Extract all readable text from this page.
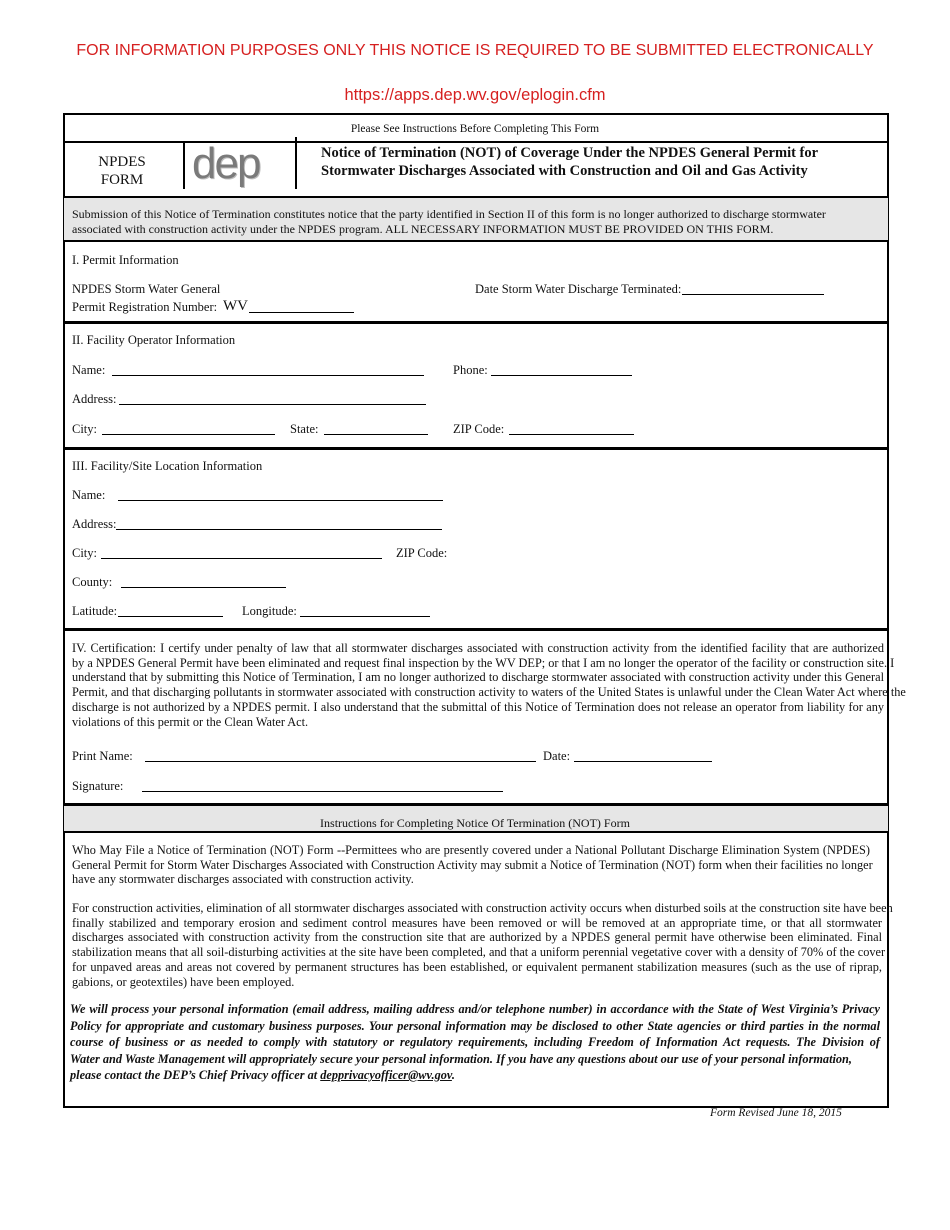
FOR INFORMATION PURPOSES ONLY THIS NOTICE IS REQUIRED TO BE SUBMITTED ELECTRONICALLY
https://apps.dep.wv.gov/eplogin.cfm
Please See Instructions Before Completing This Form
NPDES
FORM	dep	Notice of Termination (NOT) of Coverage Under the NPDES General Permit for
Stormwater Discharges Associated with Construction and Oil and Gas Activity
Submission of this Notice of Termination constitutes notice that the party identified in Section II of this form is no longer authorized to discharge stormwater
associated with construction activity under the NPDES program. ALL NECESSARY INFORMATION MUST BE PROVIDED ON THIS FORM.
I. Permit Information
NPDES Storm Water General
Permit Registration Number: WV
Date Storm Water Discharge Terminated:
II. Facility Operator Information
Name:	Phone:
Address:
City:	State:	ZIP Code:
III. Facility/Site Location Information
Name:
Address:
City:	ZIP Code:
County:
Latitude:	Longitude:
IV. Certification: I certify under penalty of law that all stormwater discharges associated with construction activity from the identified facility that are authorized
by a NPDES General Permit have been eliminated and request final inspection by the WV DEP; or that I am no longer the operator of the facility or construction site. I
understand that by submitting this Notice of Termination, I am no longer authorized to discharge stormwater associated with construction activity under this General
Permit, and that discharging pollutants in stormwater associated with construction activity to waters of the United States is unlawful under the Clean Water Act where the
discharge is not authorized by a NPDES permit. I also understand that the submittal of this Notice of Termination does not release an operator from liability for any
violations of this permit or the Clean Water Act.
Print Name:	Date:
Signature:
Instructions for Completing Notice Of Termination (NOT) Form
Who May File a Notice of Termination (NOT) Form --Permittees who are presently covered under a National Pollutant Discharge Elimination System (NPDES)
General Permit for Storm Water Discharges Associated with Construction Activity may submit a Notice of Termination (NOT) form when their facilities no longer
have any stormwater discharges associated with construction activity.
For construction activities, elimination of all stormwater discharges associated with construction activity occurs when disturbed soils at the construction site have been
finally stabilized and temporary erosion and sediment control measures have been removed or will be removed at an appropriate time, or that all stormwater
discharges associated with construction activity from the construction site that are authorized by a NPDES general permit have otherwise been eliminated. Final
stabilization means that all soil-disturbing activities at the site have been completed, and that a uniform perennial vegetative cover with a density of 70% of the cover
for unpaved areas and areas not covered by permanent structures has been established, or equivalent permanent stabilization measures (such as the use of riprap,
gabions, or geotextiles) have been employed.
We will process your personal information (email address, mailing address and/or telephone number) in accordance with the State of West Virginia’s Privacy
Policy for appropriate and customary business purposes. Your personal information may be disclosed to other State agencies or third parties in the normal
course of business or as needed to comply with statutory or regulatory requirements, including Freedom of Information Act requests. The Division of
Water and Waste Management will appropriately secure your personal information. If you have any questions about our use of your personal information,
please contact the DEP’s Chief Privacy officer at depprivacyofficer@wv.gov.
Form Revised June 18, 2015
